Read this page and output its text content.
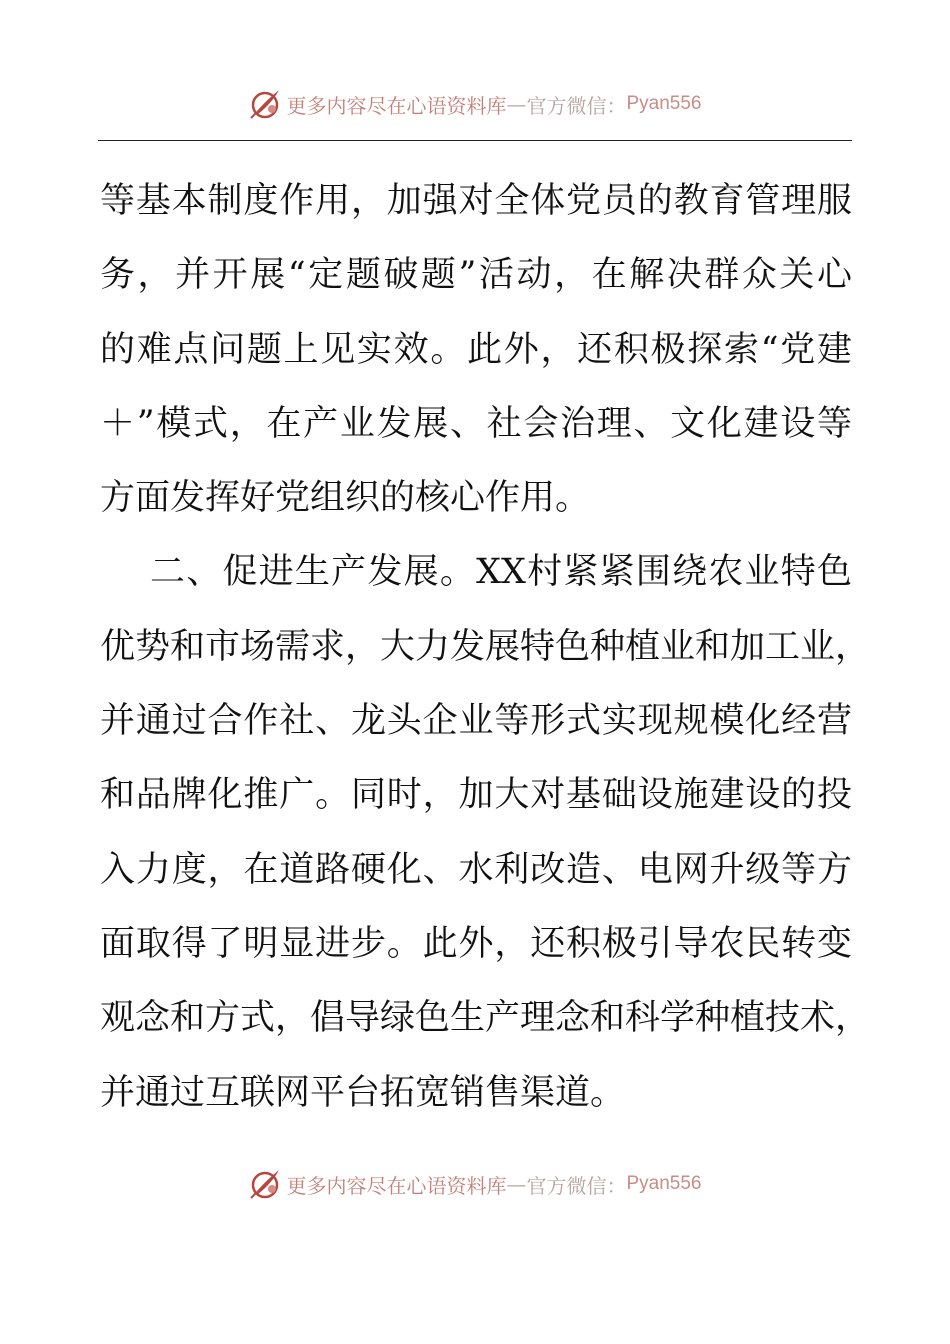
更多内容尽在心语资料库 — 官方微信： Pyan556
等基本制度作用，加强对全体党员的教育管理服
务，并开展“定题破题”活动，在解决群众关心
的难点问题上见实效。此外，还积极探索“党建
＋”模式，在产业发展、社会治理、文化建设等
方面发挥好党组织的核心作用。
二、促进生产发展。XX村紧紧围绕农业特色
优势和市场需求，大力发展特色种植业和加工业，
并通过合作社、龙头企业等形式实现规模化经营
和品牌化推广。同时，加大对基础设施建设的投
入力度，在道路硬化、水利改造、电网升级等方
面取得了明显进步。此外，还积极引导农民转变
观念和方式，倡导绿色生产理念和科学种植技术，
并通过互联网平台拓宽销售渠道。
更多内容尽在心语资料库 — 官方微信： Pyan556
